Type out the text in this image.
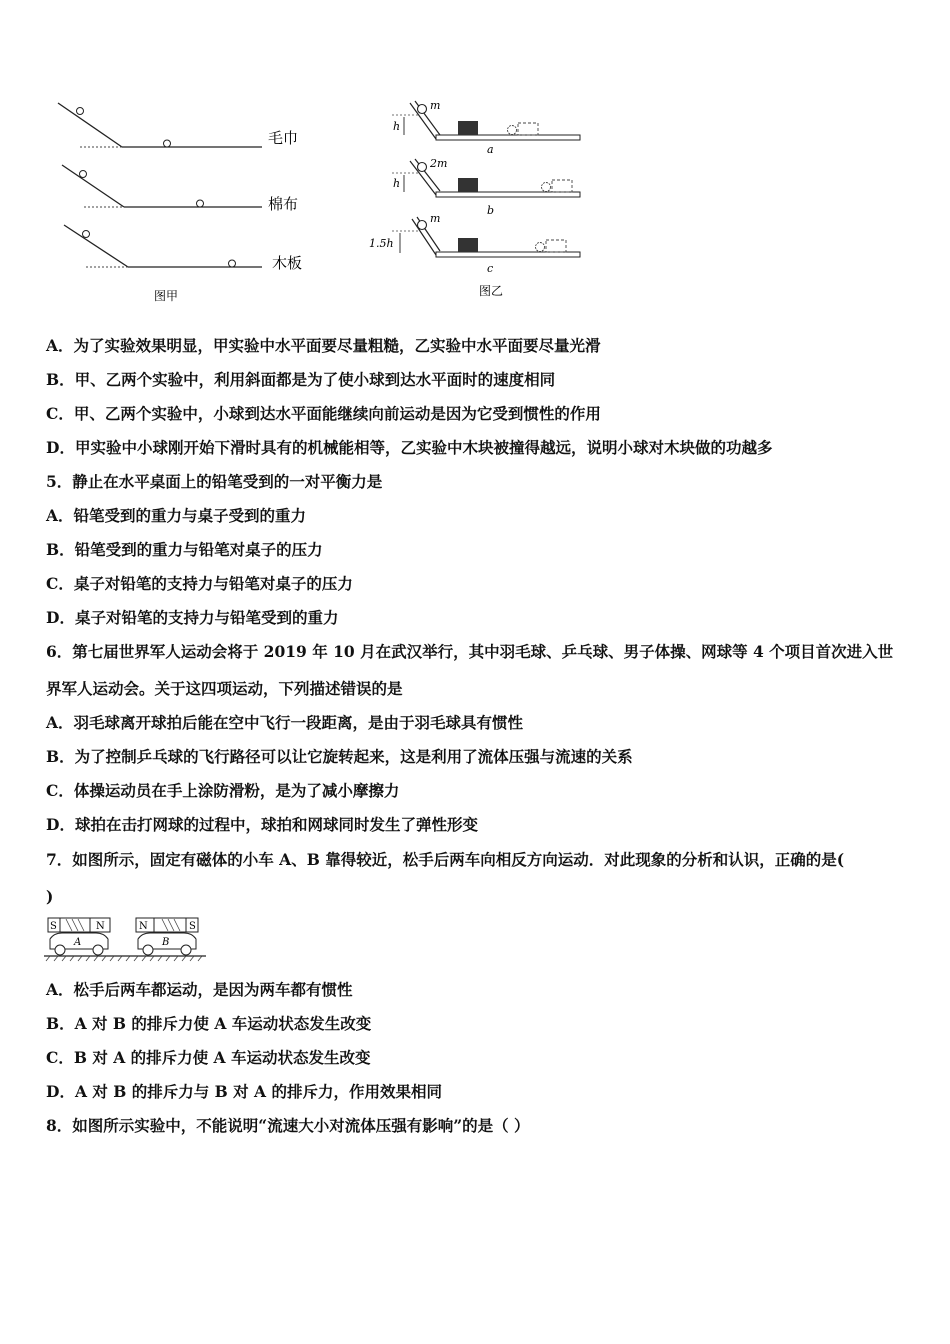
毛巾
棉布
木板
图甲
m
h
a
2m
h
b
m
1.5h
c
图乙
A．为了实验效果明显，甲实验中水平面要尽量粗糙，乙实验中水平面要尽量光滑
B．甲、乙两个实验中，利用斜面都是为了使小球到达水平面时的速度相同
C．甲、乙两个实验中，小球到达水平面能继续向前运动是因为它受到惯性的作用
D．甲实验中小球刚开始下滑时具有的机械能相等，乙实验中木块被撞得越远，说明小球对木块做的功越多
5．静止在水平桌面上的铅笔受到的一对平衡力是
A．铅笔受到的重力与桌子受到的重力
B．铅笔受到的重力与铅笔对桌子的压力
C．桌子对铅笔的支持力与铅笔对桌子的压力
D．桌子对铅笔的支持力与铅笔受到的重力
6．第七届世界军人运动会将于 2019 年 10 月在武汉举行，其中羽毛球、乒乓球、男子体操、网球等 4 个项目首次进入世
界军人运动会。关于这四项运动，下列描述错误的是
A．羽毛球离开球拍后能在空中飞行一段距离，是由于羽毛球具有惯性
B．为了控制乒乓球的飞行路径可以让它旋转起来，这是利用了流体压强与流速的关系
C．体操运动员在手上涂防滑粉，是为了减小摩擦力
D．球拍在击打网球的过程中，球拍和网球同时发生了弹性形变
7．如图所示，固定有磁体的小车 A、B 靠得较近，松手后两车向相反方向运动．对此现象的分析和认识，正确的是(
)
S	N
A
N	S
B
A．松手后两车都运动，是因为两车都有惯性
B．A 对 B 的排斥力使 A 车运动状态发生改变
C．B 对 A 的排斥力使 A 车运动状态发生改变
D．A 对 B 的排斥力与 B 对 A 的排斥力，作用效果相同
8．如图所示实验中，不能说明“流速大小对流体压强有影响”的是（ ）
